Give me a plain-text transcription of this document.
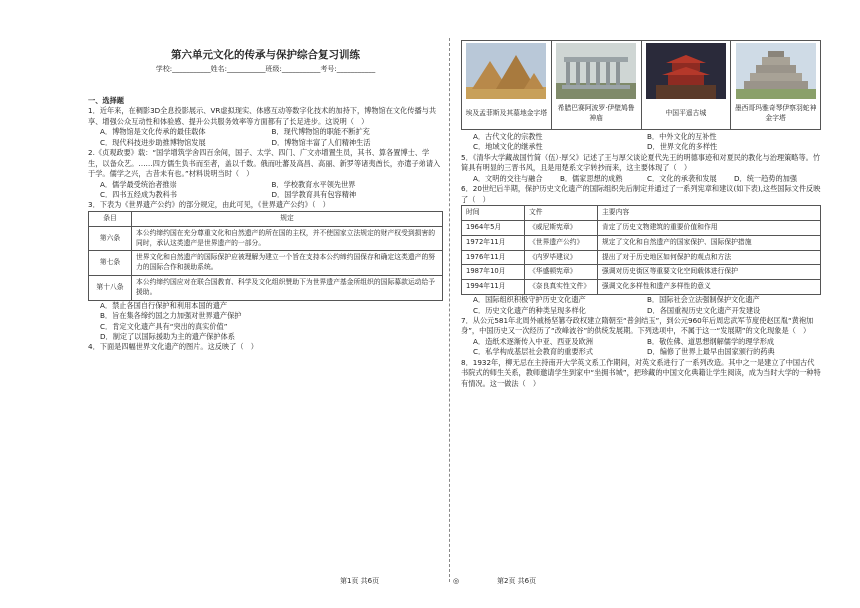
第六单元文化的传承与保护综合复习训练
学校:___________姓名:___________班级:___________考号:___________
一、选择题

1．近年来，在稠影3D全息投影展示、VR虚拟现实、体感互动等数字化技术的加持下，博物馆在文化传播与共享、增强公众互动性和体验感、提升公共服务效率等方面都有了长足进步。这说明（　）

A．博物馆是文化传承的最佳载体	B．现代博物馆的职能不断扩充
C．现代科技进步助推博物馆发展	D．博物馆丰富了人们精神生活

2.《贞观政要》载：“国学增筑学舍四百余间，国子、太学、四门、广文亦增置生员，其书、算各置博士、学生，以备众艺。……四方儒生负书而至者，盖以千数。俄而吐蕃及高昌、高丽、新罗等诸夷酋长，亦遣子弟请入于学。儒学之兴，古昔未有也。”材料说明当时（　）

A．儒学最受统治者推崇	B．学校教育水平领先世界
C．四书五经成为教科书	D．国学教育具有包容精神

3．下表为《世界遗产公约》的部分规定，由此可见，《世界遗产公约》（　）

条目	规定
第六条	本公约缔约国在充分尊重文化和自然遗产的所在国的主权，并不使国家立法规定的财产权受到损害的同时，承认这类遗产是世界遗产的一部分。
第七条	世界文化和自然遗产的国际保护应被理解为建立一个旨在支持本公约缔约国保存和确定这类遗产的努力的国际合作和援助系统。
第十八条	本公约缔约国应对在联合国教育、科学及文化组织赞助下为世界遗产基金所组织的国际募款运动给予援助。
A．禁止各国自行保护和利用本国的遗产
B．旨在集各缔约国之力加强对世界遗产保护
C．肯定文化遗产具有“突出的真实价值”
D．制定了以国际援助为主的遗产保护体系

4．下面是四幅世界文化遗产的图片。这反映了（　）

埃及孟菲斯及其墓地金字塔
希腊巴赛阿波罗·伊壁鸠鲁神庙
中国平遥古城
墨西哥玛雅奇琴伊察羽蛇神金字塔
A．古代文化的宗教性	B．中外文化的互补性
C．地域文化的继承性	D．世界文化的多样性

5．《清华大学藏战国竹简（伍）·厚父》记述了王与厚父谈论夏代先王的明德事迹和对夏民的教化与治理策略等。竹简具有明显的三晋书风，且是用楚系文字转抄而来，这主要体现了（　）

A．文明的交往与融合	B．儒家思想的成熟	C．文化的承袭和发展	D．统一趋势的加强

6．20世纪后半期，保护历史文化遗产的国际组织先后制定并通过了一系列宪章和建议(如下表),这些国际文件反映了（　）

时间	文件	主要内容
1964年5月	《威尼斯宪章》	肯定了历史文物建筑的重要价值和作用
1972年11月	《世界遗产公约》	规定了文化和自然遗产的国家保护、国际保护措施
1976年11月	《内罗毕建议》	提出了对于历史地区如何保护的观点和方法
1987年10月	《华盛顿宪章》	强调对历史街区等重要文化空间载体进行保护
1994年11月	《奈良真实性文件》	强调文化多样性和遗产多样性的意义
A．国际组织积极守护历史文化遗产	B．国际社会立法强制保护文化遗产
C．历史文化遗产的种类呈现多样化	D．各国重视历史文化遗产开发建设

7．从公元581年北周外戚杨坚篡夺政权建立隋朝至“普剑结玉”，到公元960年后周忠武军节度使赵匡胤“黄袍加身”，中国历史又一次经历了“改峰波谷”的供统发展期。下列选项中，不属于这一“发展期”的文化现象是（　）

A．造纸术逐渐传入中亚、西亚及欧洲	B．敬佐佛、道思想纲解儒学的理学形成
C．私学构成基层社会教育的重要形式	D．编修了世界上最早由国家颁行的药典

8．1932年，柳无忌在主持南开大学英文系工作期间，对英文系进行了一系列改造。其中之一是建立了中国古代书院式的师生关系，教师邀请学生到家中“坐拥书城”，把珍藏的中国文化典籍让学生阅读，成为当时大学的一种特有情况。这一做法（　）

第1页 共6页	◎	第2页 共6页
